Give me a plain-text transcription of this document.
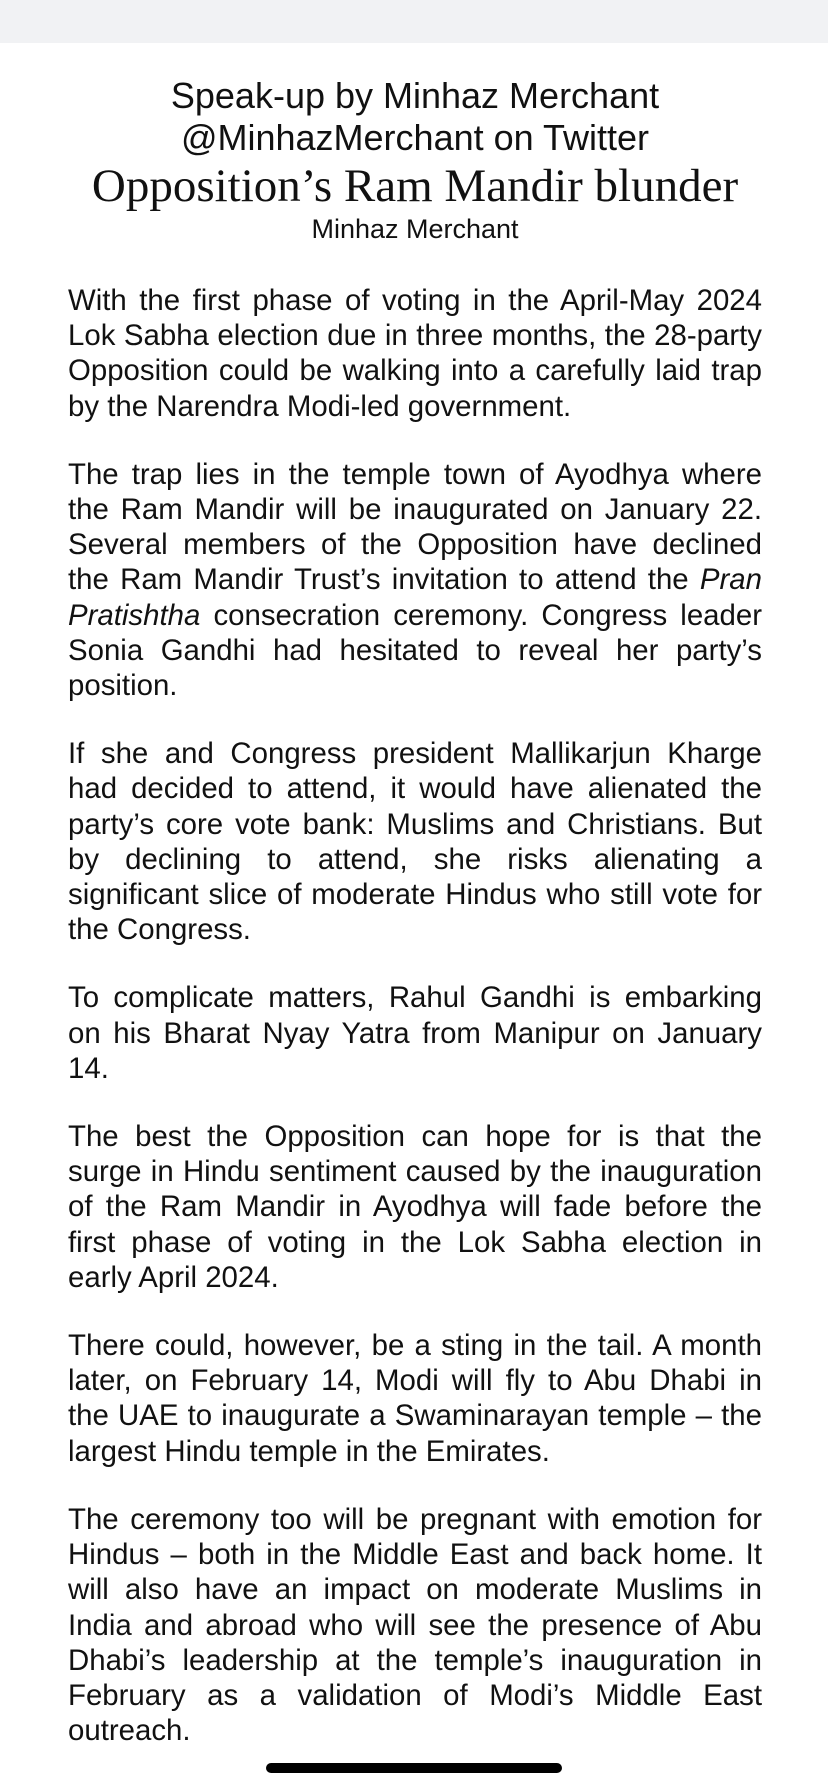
Speak-up by Minhaz Merchant

@MinhazMerchant on Twitter

Opposition’s Ram Mandir blunder

Minhaz Merchant

With the first phase of voting in the April-May 2024 Lok Sabha election due in three months, the 28-party Opposition could be walking into a carefully laid trap by the Narendra Modi-led government.

The trap lies in the temple town of Ayodhya where the Ram Mandir will be inaugurated on January 22. Several members of the Opposition have declined the Ram Mandir Trust’s invitation to attend the Pran Pratishtha consecration ceremony. Congress leader Sonia Gandhi had hesitated to reveal her party’s position.

If she and Congress president Mallikarjun Kharge had decided to attend, it would have alienated the party’s core vote bank: Muslims and Christians. But by declining to attend, she risks alienating a significant slice of moderate Hindus who still vote for the Congress.

To complicate matters, Rahul Gandhi is embarking on his Bharat Nyay Yatra from Manipur on January 14.

The best the Opposition can hope for is that the surge in Hindu sentiment caused by the inauguration of the Ram Mandir in Ayodhya will fade before the first phase of voting in the Lok Sabha election in early April 2024.

There could, however, be a sting in the tail. A month later, on February 14, Modi will fly to Abu Dhabi in the UAE to inaugurate a Swaminarayan temple – the largest Hindu temple in the Emirates.

The ceremony too will be pregnant with emotion for Hindus – both in the Middle East and back home. It will also have an impact on moderate Muslims in India and abroad who will see the presence of Abu Dhabi’s leadership at the temple’s inauguration in February as a validation of Modi’s Middle East outreach.
